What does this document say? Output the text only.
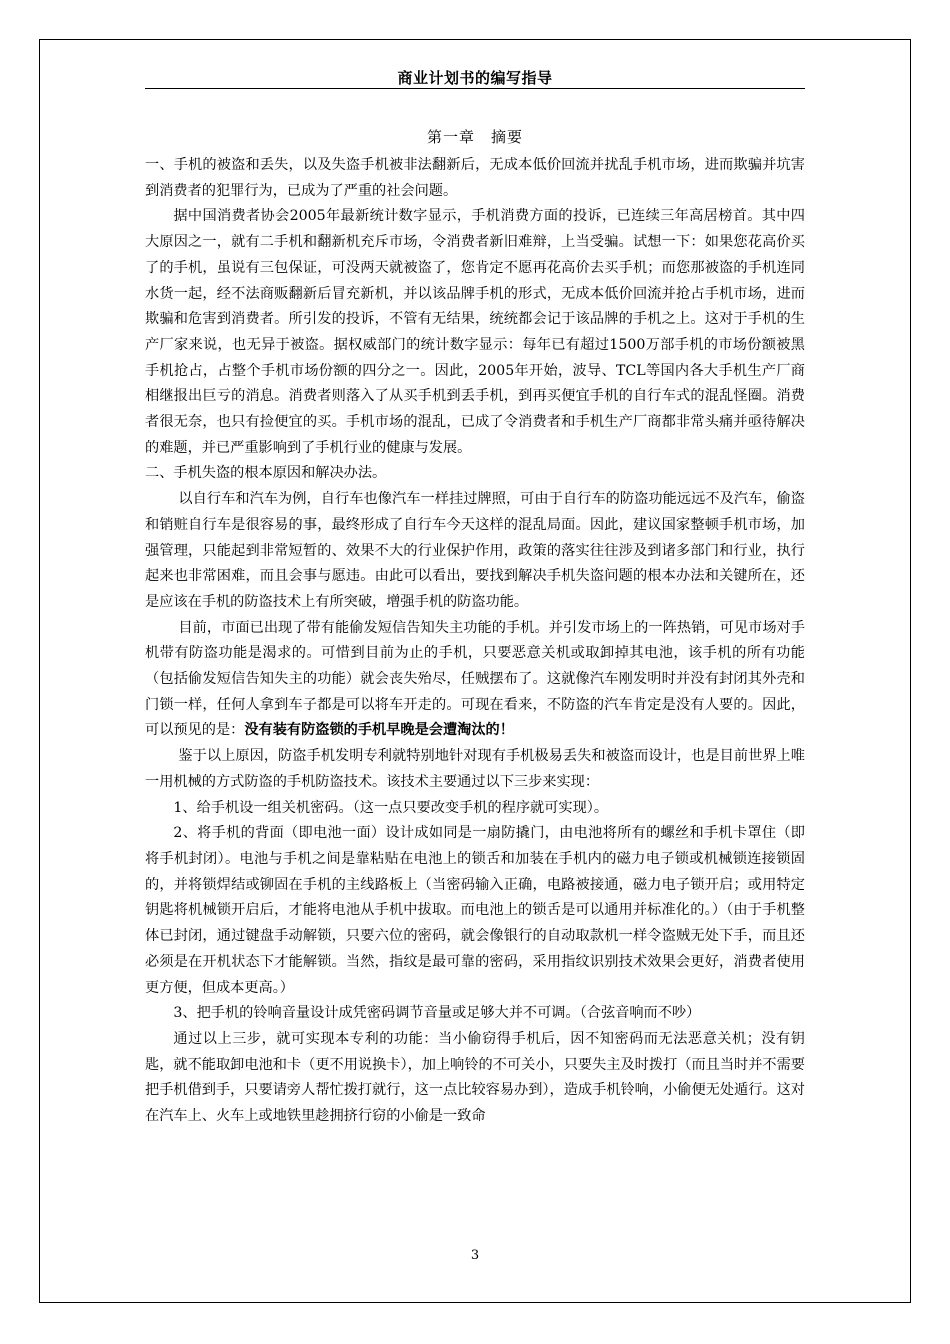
商业计划书的编写指导
第一章　摘要

一、手机的被盗和丢失，以及失盗手机被非法翻新后，无成本低价回流并扰乱手机市场，进而欺骗并坑害到消费者的犯罪行为，已成为了严重的社会问题。

据中国消费者协会2005年最新统计数字显示，手机消费方面的投诉，已连续三年高居榜首。其中四大原因之一，就有二手机和翻新机充斥市场，令消费者新旧难辩，上当受骗。试想一下：如果您花高价买了的手机，虽说有三包保证，可没两天就被盗了，您肯定不愿再花高价去买手机；而您那被盗的手机连同水货一起，经不法商贩翻新后冒充新机，并以该品牌手机的形式，无成本低价回流并抢占手机市场，进而欺骗和危害到消费者。所引发的投诉，不管有无结果，统统都会记于该品牌的手机之上。这对于手机的生产厂家来说，也无异于被盗。据权威部门的统计数字显示：每年已有超过1500万部手机的市场份额被黑手机抢占，占整个手机市场份额的四分之一。因此，2005年开始，波导、TCL等国内各大手机生产厂商相继报出巨亏的消息。消费者则落入了从买手机到丢手机，到再买便宜手机的自行车式的混乱怪圈。消费者很无奈，也只有捡便宜的买。手机市场的混乱，已成了令消费者和手机生产厂商都非常头痛并亟待解决的难题，并已严重影响到了手机行业的健康与发展。

二、手机失盗的根本原因和解决办法。

以自行车和汽车为例，自行车也像汽车一样挂过牌照，可由于自行车的防盗功能远远不及汽车，偷盗和销赃自行车是很容易的事，最终形成了自行车今天这样的混乱局面。因此，建议国家整顿手机市场，加强管理，只能起到非常短暂的、效果不大的行业保护作用，政策的落实往往涉及到诸多部门和行业，执行起来也非常困难，而且会事与愿违。由此可以看出，要找到解决手机失盗问题的根本办法和关键所在，还是应该在手机的防盗技术上有所突破，增强手机的防盗功能。

目前，市面已出现了带有能偷发短信告知失主功能的手机。并引发市场上的一阵热销，可见市场对手机带有防盗功能是渴求的。可惜到目前为止的手机，只要恶意关机或取卸掉其电池，该手机的所有功能（包括偷发短信告知失主的功能）就会丧失殆尽，任贼摆布了。这就像汽车刚发明时并没有封闭其外壳和门锁一样，任何人拿到车子都是可以将车开走的。可现在看来，不防盗的汽车肯定是没有人要的。因此，可以预见的是：没有装有防盗锁的手机早晚是会遭淘汰的！

鉴于以上原因，防盗手机发明专利就特别地针对现有手机极易丢失和被盗而设计，也是目前世界上唯一用机械的方式防盗的手机防盗技术。该技术主要通过以下三步来实现：

1、给手机设一组关机密码。（这一点只要改变手机的程序就可实现）。

2、将手机的背面（即电池一面）设计成如同是一扇防撬门，由电池将所有的螺丝和手机卡罩住（即将手机封闭）。电池与手机之间是靠粘贴在电池上的锁舌和加装在手机内的磁力电子锁或机械锁连接锁固的，并将锁焊结或铆固在手机的主线路板上（当密码输入正确，电路被接通，磁力电子锁开启；或用特定钥匙将机械锁开启后，才能将电池从手机中拔取。而电池上的锁舌是可以通用并标准化的。）（由于手机整体已封闭，通过键盘手动解锁，只要六位的密码，就会像银行的自动取款机一样令盗贼无处下手，而且还必须是在开机状态下才能解锁。当然，指纹是最可靠的密码，采用指纹识别技术效果会更好，消费者使用更方便，但成本更高。）

3、把手机的铃响音量设计成凭密码调节音量或足够大并不可调。（合弦音响而不吵）

通过以上三步，就可实现本专利的功能：当小偷窃得手机后，因不知密码而无法恶意关机；没有钥匙，就不能取卸电池和卡（更不用说换卡），加上响铃的不可关小，只要失主及时拨打（而且当时并不需要把手机借到手，只要请旁人帮忙拨打就行，这一点比较容易办到），造成手机铃响，小偷便无处遁行。这对在汽车上、火车上或地铁里趁拥挤行窃的小偷是一致命

3
